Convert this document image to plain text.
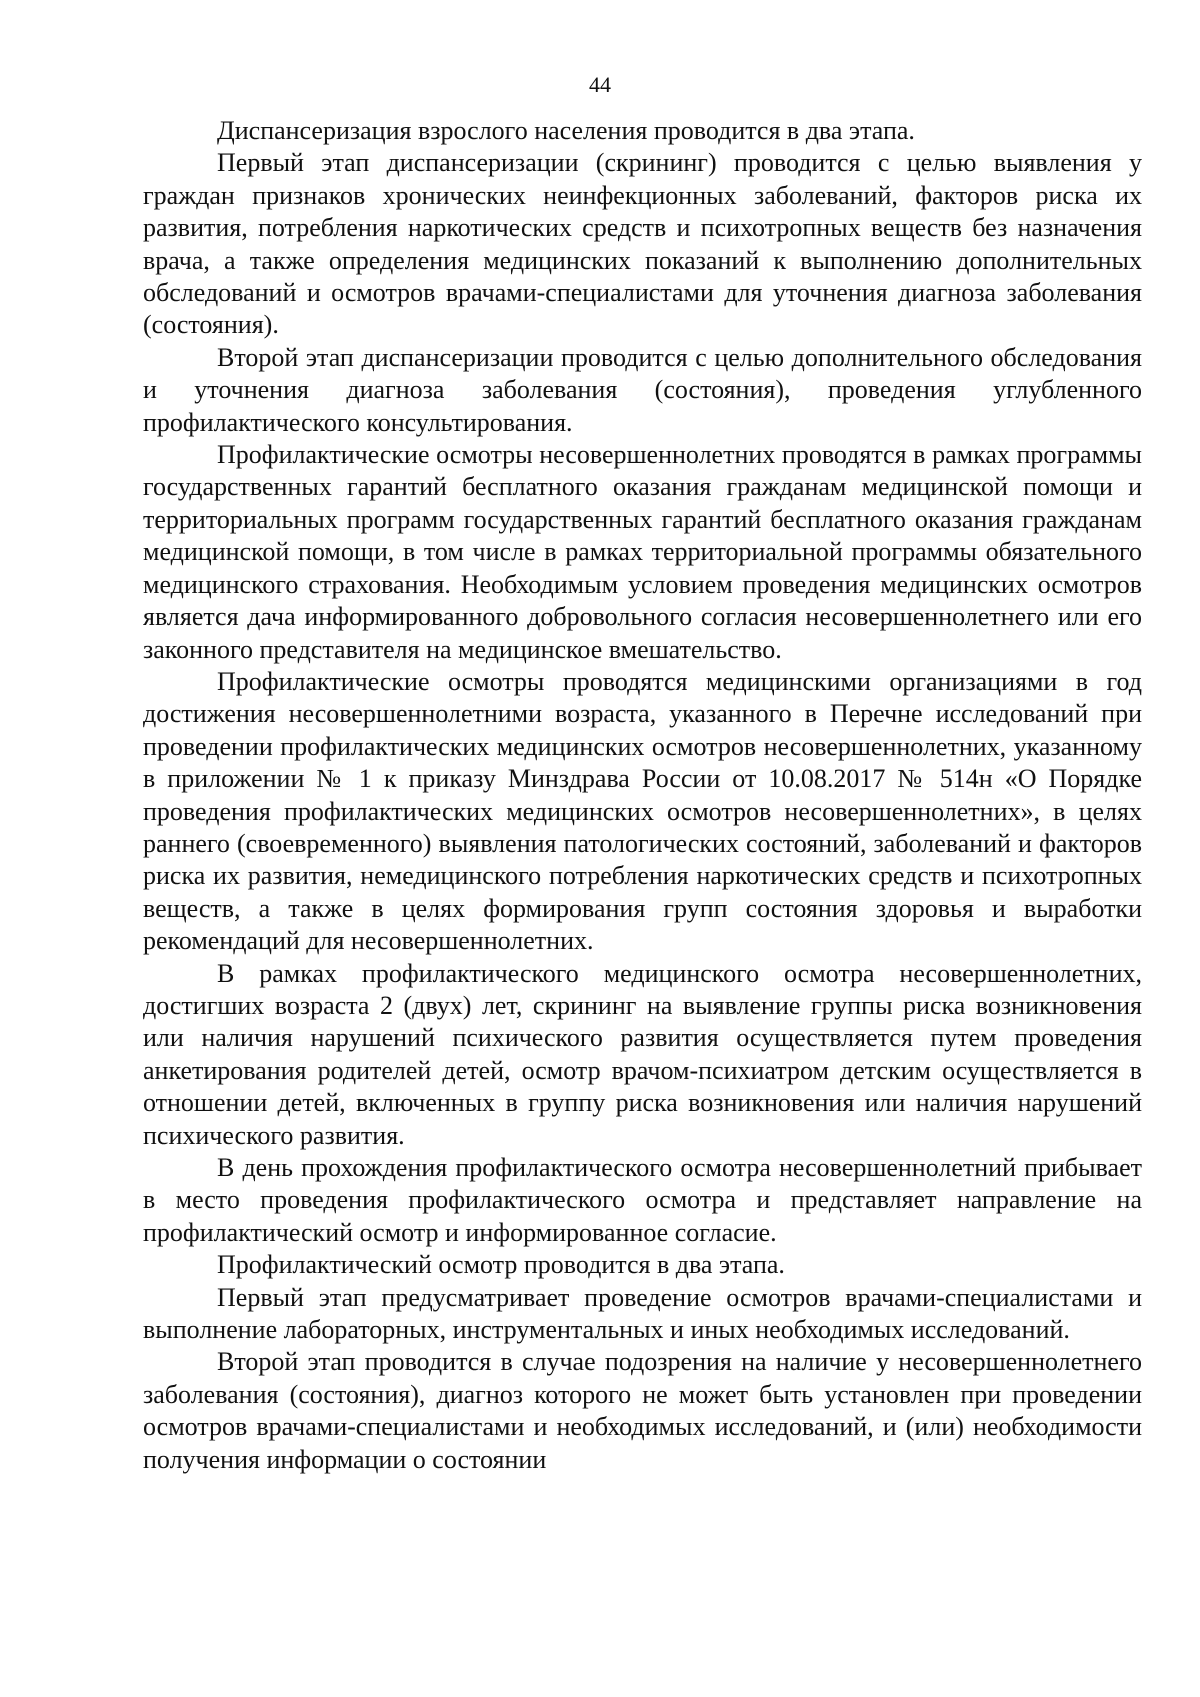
44

Диспансеризация взрослого населения проводится в два этапа.

Первый этап диспансеризации (скрининг) проводится с целью выявления у граждан признаков хронических неинфекционных заболеваний, факторов риска их развития, потребления наркотических средств и психотропных веществ без назначения врача, а также определения медицинских показаний к выполнению дополнительных обследований и осмотров врачами-специалистами для уточнения диагноза заболевания (состояния).

Второй этап диспансеризации проводится с целью дополнительного обследования и уточнения диагноза заболевания (состояния), проведения углубленного профилактического консультирования.

Профилактические осмотры несовершеннолетних проводятся в рамках программы государственных гарантий бесплатного оказания гражданам медицинской помощи и территориальных программ государственных гарантий бесплатного оказания гражданам медицинской помощи, в том числе в рамках территориальной программы обязательного медицинского страхования. Необходимым условием проведения медицинских осмотров является дача информированного добровольного согласия несовершеннолетнего или его законного представителя на медицинское вмешательство.

Профилактические осмотры проводятся медицинскими организациями в год достижения несовершеннолетними возраста, указанного в Перечне исследований при проведении профилактических медицинских осмотров несовершеннолетних, указанному в приложении № 1 к приказу Минздрава России от 10.08.2017 № 514н «О Порядке проведения профилактических медицинских осмотров несовершеннолетних», в целях раннего (своевременного) выявления патологических состояний, заболеваний и факторов риска их развития, немедицинского потребления наркотических средств и психотропных веществ, а также в целях формирования групп состояния здоровья и выработки рекомендаций для несовершеннолетних.

В рамках профилактического медицинского осмотра несовершеннолетних, достигших возраста 2 (двух) лет, скрининг на выявление группы риска возникновения или наличия нарушений психического развития осуществляется путем проведения анкетирования родителей детей, осмотр врачом-психиатром детским осуществляется в отношении детей, включенных в группу риска возникновения или наличия нарушений психического развития.

В день прохождения профилактического осмотра несовершеннолетний прибывает в место проведения профилактического осмотра и представляет направление на профилактический осмотр и информированное согласие.

Профилактический осмотр проводится в два этапа.

Первый этап предусматривает проведение осмотров врачами-специалистами и выполнение лабораторных, инструментальных и иных необходимых исследований.

Второй этап проводится в случае подозрения на наличие у несовершеннолетнего заболевания (состояния), диагноз которого не может быть установлен при проведении осмотров врачами-специалистами и необходимых исследований, и (или) необходимости получения информации о состоянии
